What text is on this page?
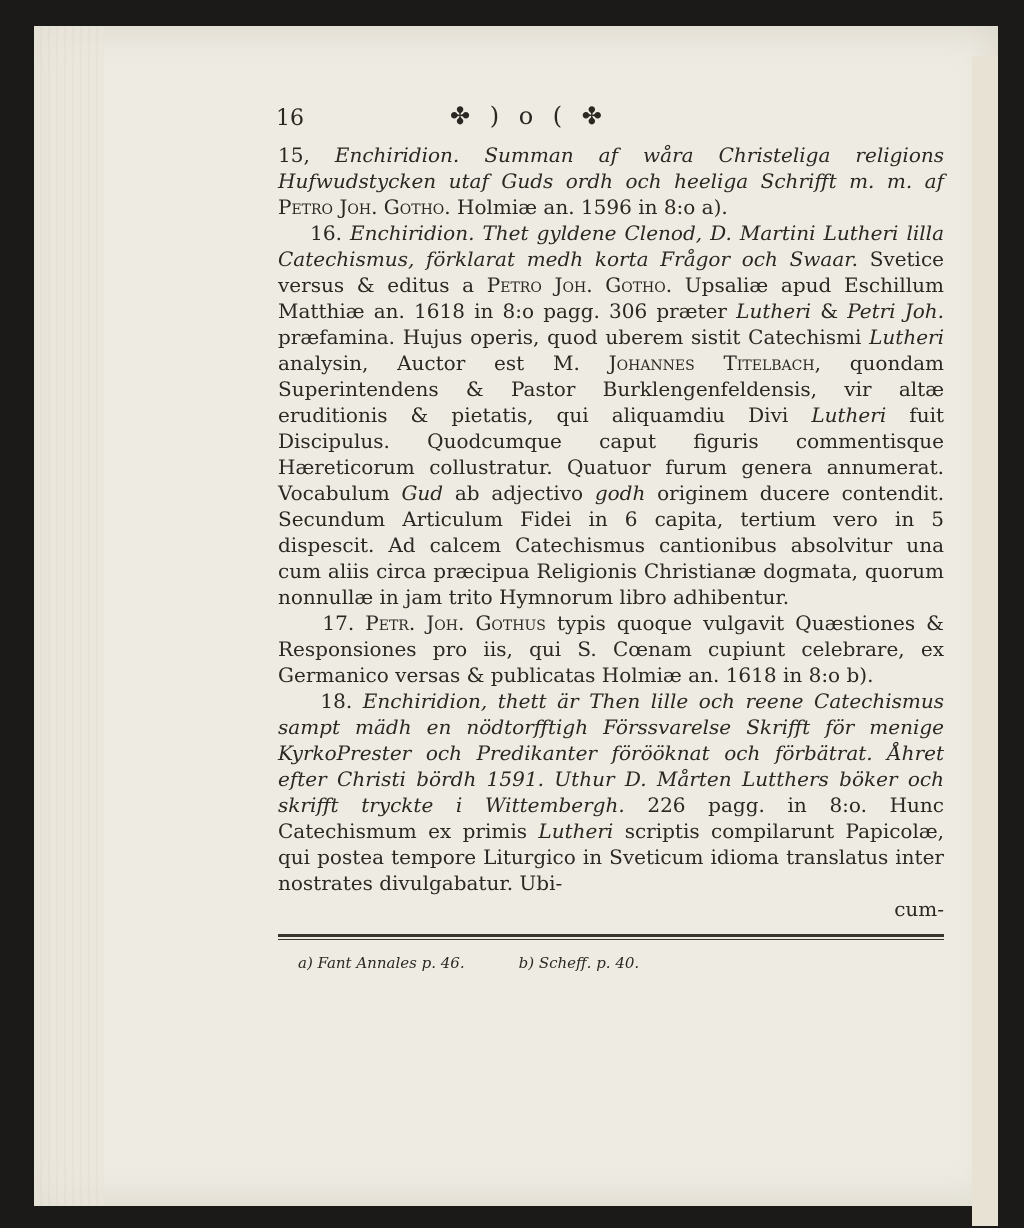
16	✤ ) o ( ✤

15, Enchiridion. Summan af wåra Christeliga religions Hufwudstycken utaf Guds ordh och heeliga Schrifft m. m. af Petro Joh. Gotho. Holmiæ an. 1596 in 8:o a).

16. Enchiridion. Thet gyldene Clenod, D. Martini Lutheri lilla Catechismus, förklarat medh korta Frågor och Swaar. Svetice versus & editus a Petro Joh. Gotho. Upsaliæ apud Eschillum Matthiæ an. 1618 in 8:o pagg. 306 præter Lutheri & Petri Joh. præfamina. Hujus operis, quod uberem sistit Catechismi Lutheri analysin, Auctor est M. Johannes Titelbach, quondam Superintendens & Pastor Burklengenfeldensis, vir altæ eruditionis & pietatis, qui aliquamdiu Divi Lutheri fuit Discipulus. Quodcumque caput figuris commentisque Hæreticorum collustratur. Quatuor furum genera annumerat. Vocabulum Gud ab adjectivo godh originem ducere contendit. Secundum Articulum Fidei in 6 capita, tertium vero in 5 dispescit. Ad calcem Catechismus cantionibus absolvitur una cum aliis circa præcipua Religionis Christianæ dogmata, quorum nonnullæ in jam trito Hymnorum libro adhibentur.

17. Petr. Joh. Gothus typis quoque vulgavit Quæstiones & Responsiones pro iis, qui S. Cœnam cupiunt celebrare, ex Germanico versas & publicatas Holmiæ an. 1618 in 8:o b).

18. Enchiridion, thett är Then lille och reene Catechismus sampt mädh en nödtorfftigh Förssvarelse Skrifft för menige KyrkoPrester och Predikanter förööknat och förbätrat. Åhret efter Christi bördh 1591. Uthur D. Mårten Lutthers böker och skrifft tryckte i Wittembergh. 226 pagg. in 8:o. Hunc Catechismum ex primis Lutheri scriptis compilarunt Papicolæ, qui postea tempore Liturgico in Sveticum idioma translatus inter nostrates divulgabatur. Ubi-

cum-

a) Fant Annales p. 46.	b) Scheff. p. 40.
